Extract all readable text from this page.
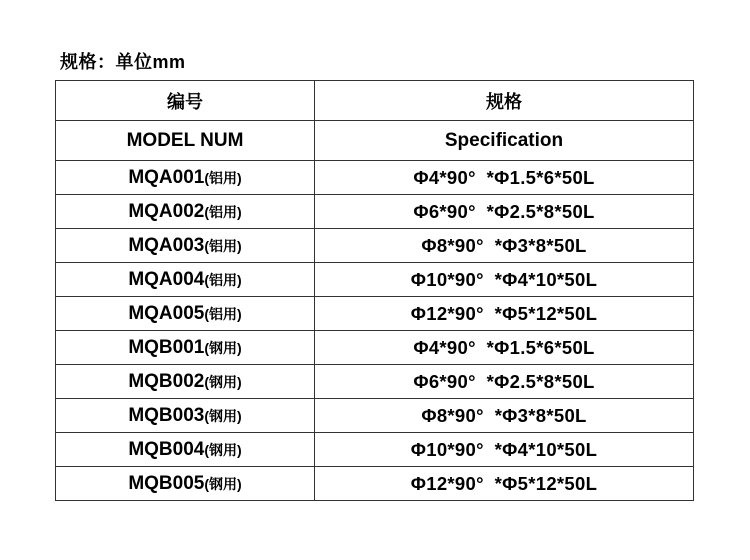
规格：单位mm
编号	规格
MODEL NUM	Specification
MQA001(铝用)	Φ4*90°  *Φ1.5*6*50L
MQA002(铝用)	Φ6*90°  *Φ2.5*8*50L
MQA003(铝用)	Φ8*90°  *Φ3*8*50L
MQA004(铝用)	Φ10*90°  *Φ4*10*50L
MQA005(铝用)	Φ12*90°  *Φ5*12*50L
MQB001(钢用)	Φ4*90°  *Φ1.5*6*50L
MQB002(钢用)	Φ6*90°  *Φ2.5*8*50L
MQB003(钢用)	Φ8*90°  *Φ3*8*50L
MQB004(钢用)	Φ10*90°  *Φ4*10*50L
MQB005(钢用)	Φ12*90°  *Φ5*12*50L
